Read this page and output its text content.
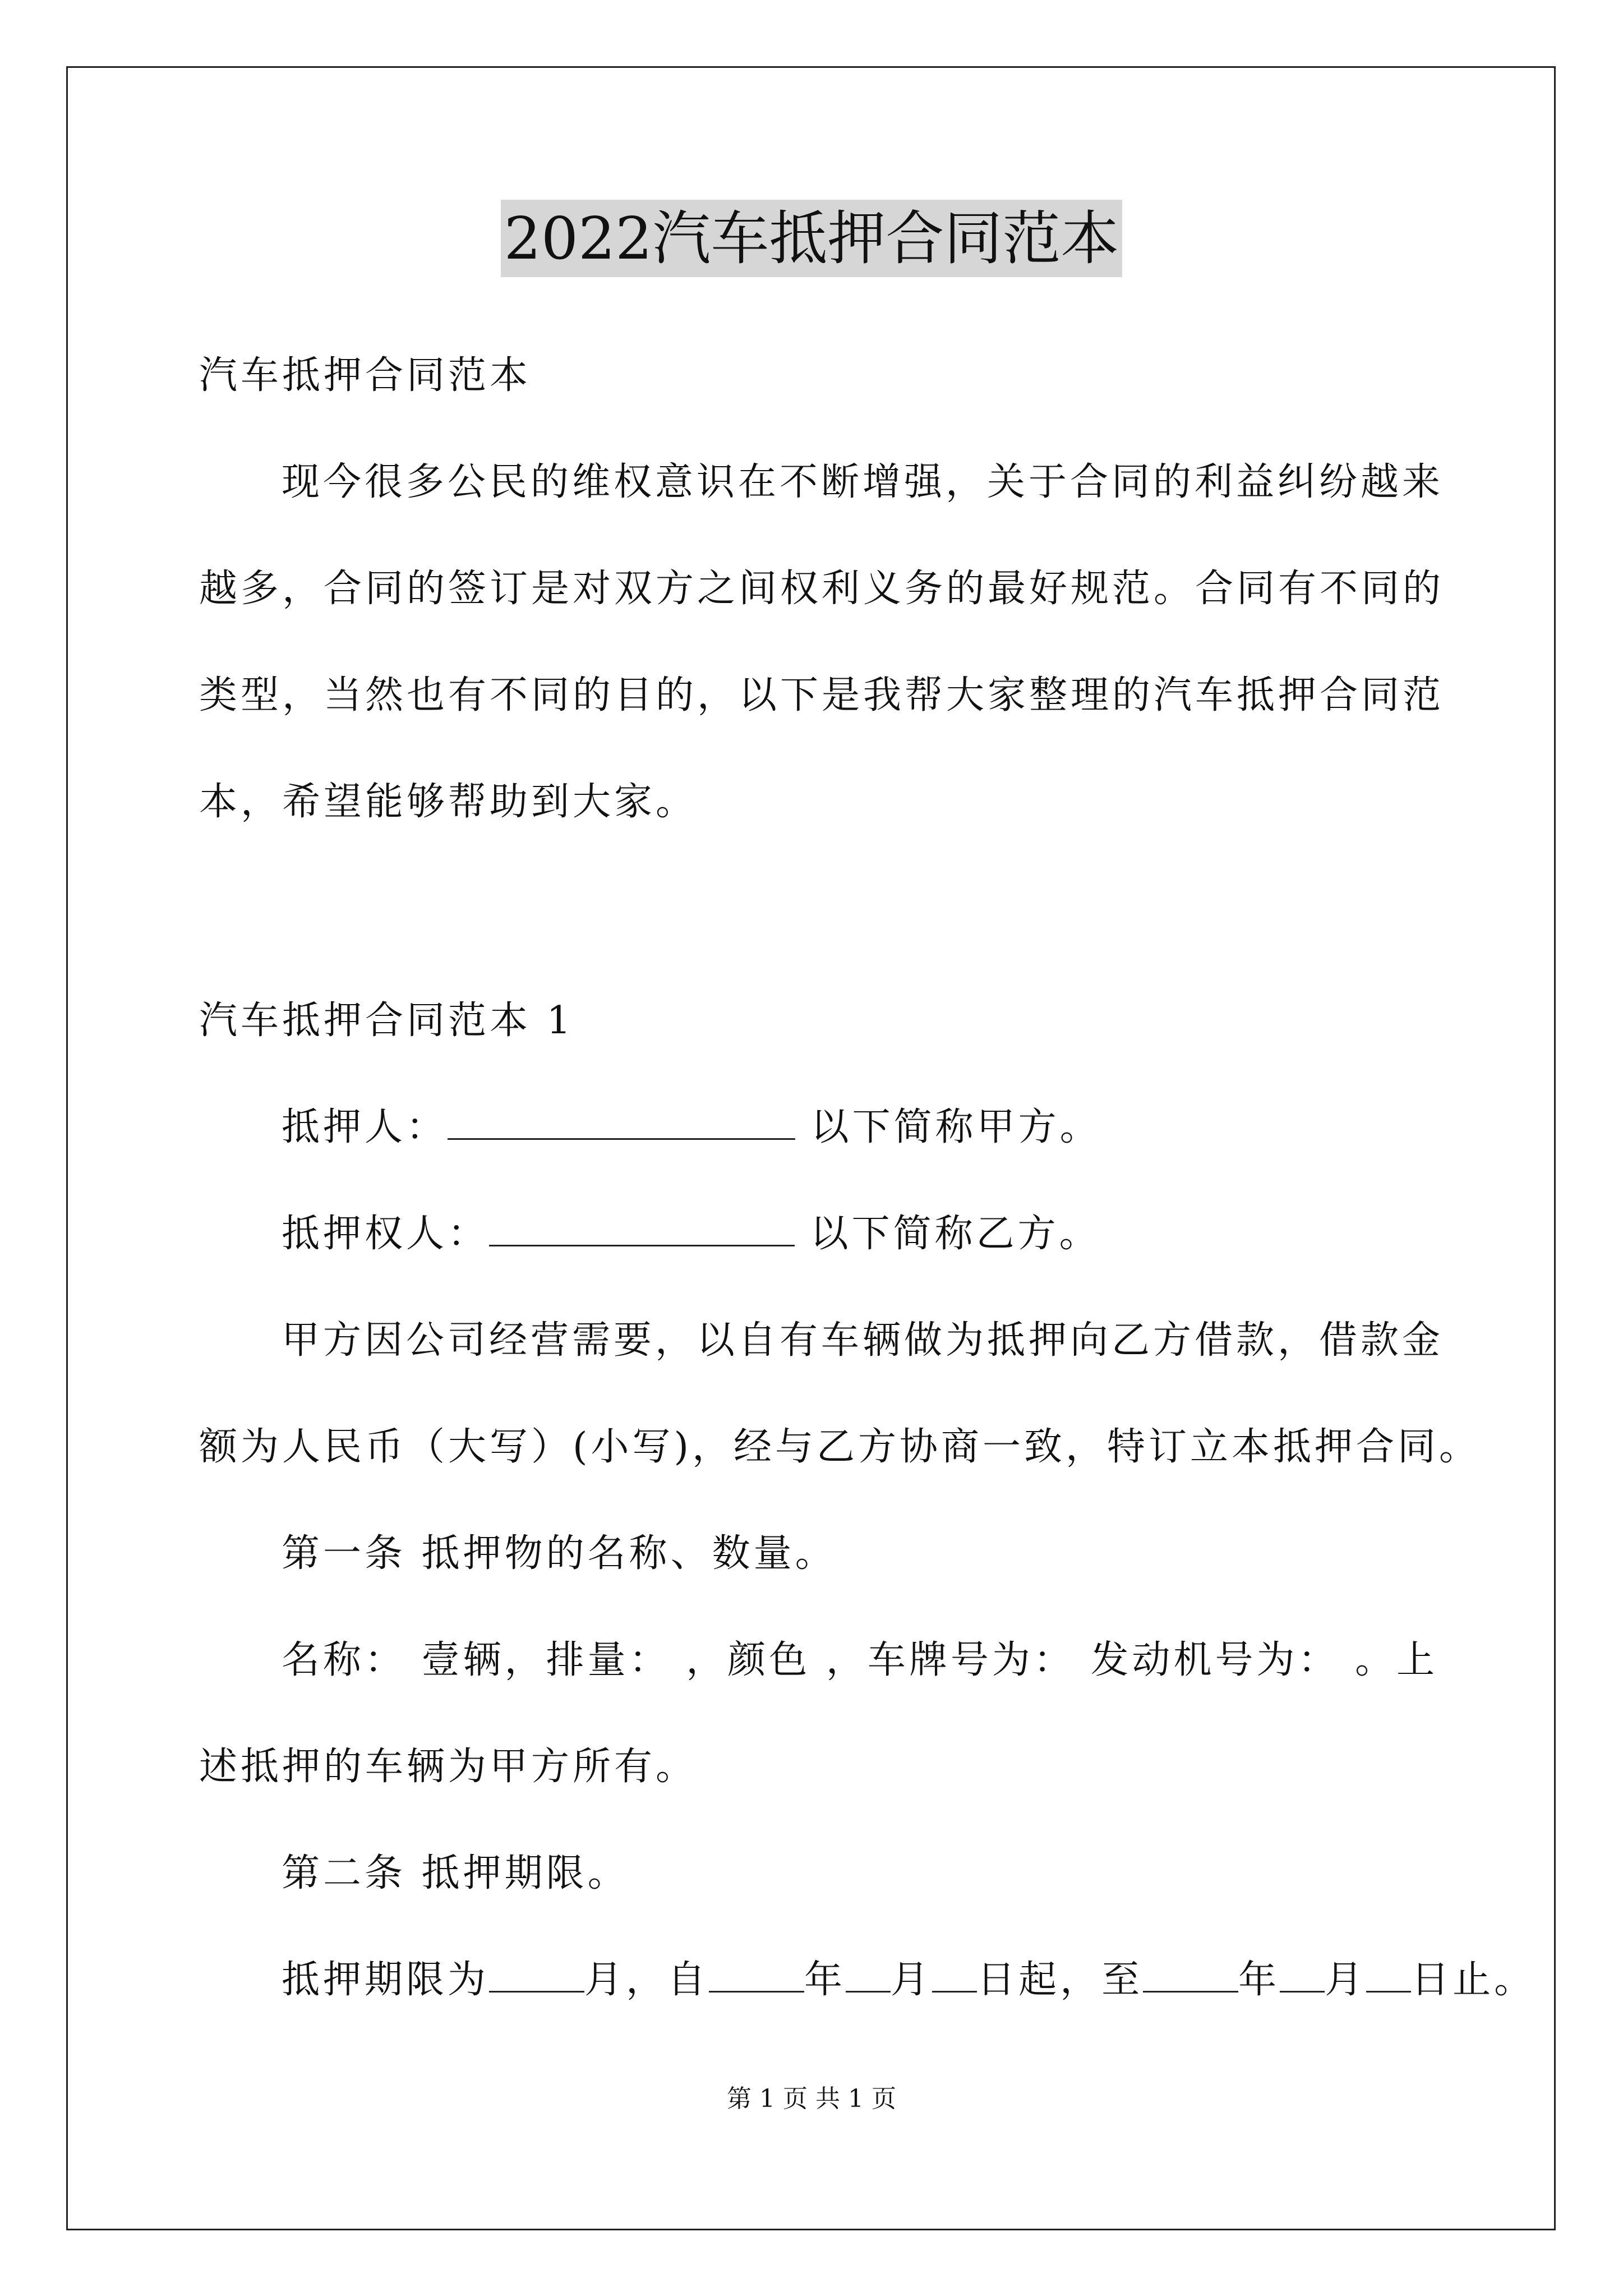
2022汽车抵押合同范本
汽车抵押合同范本
现今很多公民的维权意识在不断增强，关于合同的利益纠纷越来
越多，合同的签订是对双方之间权利义务的最好规范。合同有不同的
类型，当然也有不同的目的，以下是我帮大家整理的汽车抵押合同范
本，希望能够帮助到大家。
汽车抵押合同范本 1
抵押人：	以下简称甲方。
抵押权人：	以下简称乙方。
甲方因公司经营需要，以自有车辆做为抵押向乙方借款，借款金
额为人民币（大写）(小写)，经与乙方协商一致，特订立本抵押合同。
第一条 抵押物的名称、数量。
名称： 壹辆，排量： ，颜色 ，车牌号为： 发动机号为： 。上
述抵押的车辆为甲方所有。
第二条 抵押期限。
抵押期限为	月，自	年 月 日起，至	年 月 日止。
第 1 页 共 1 页
